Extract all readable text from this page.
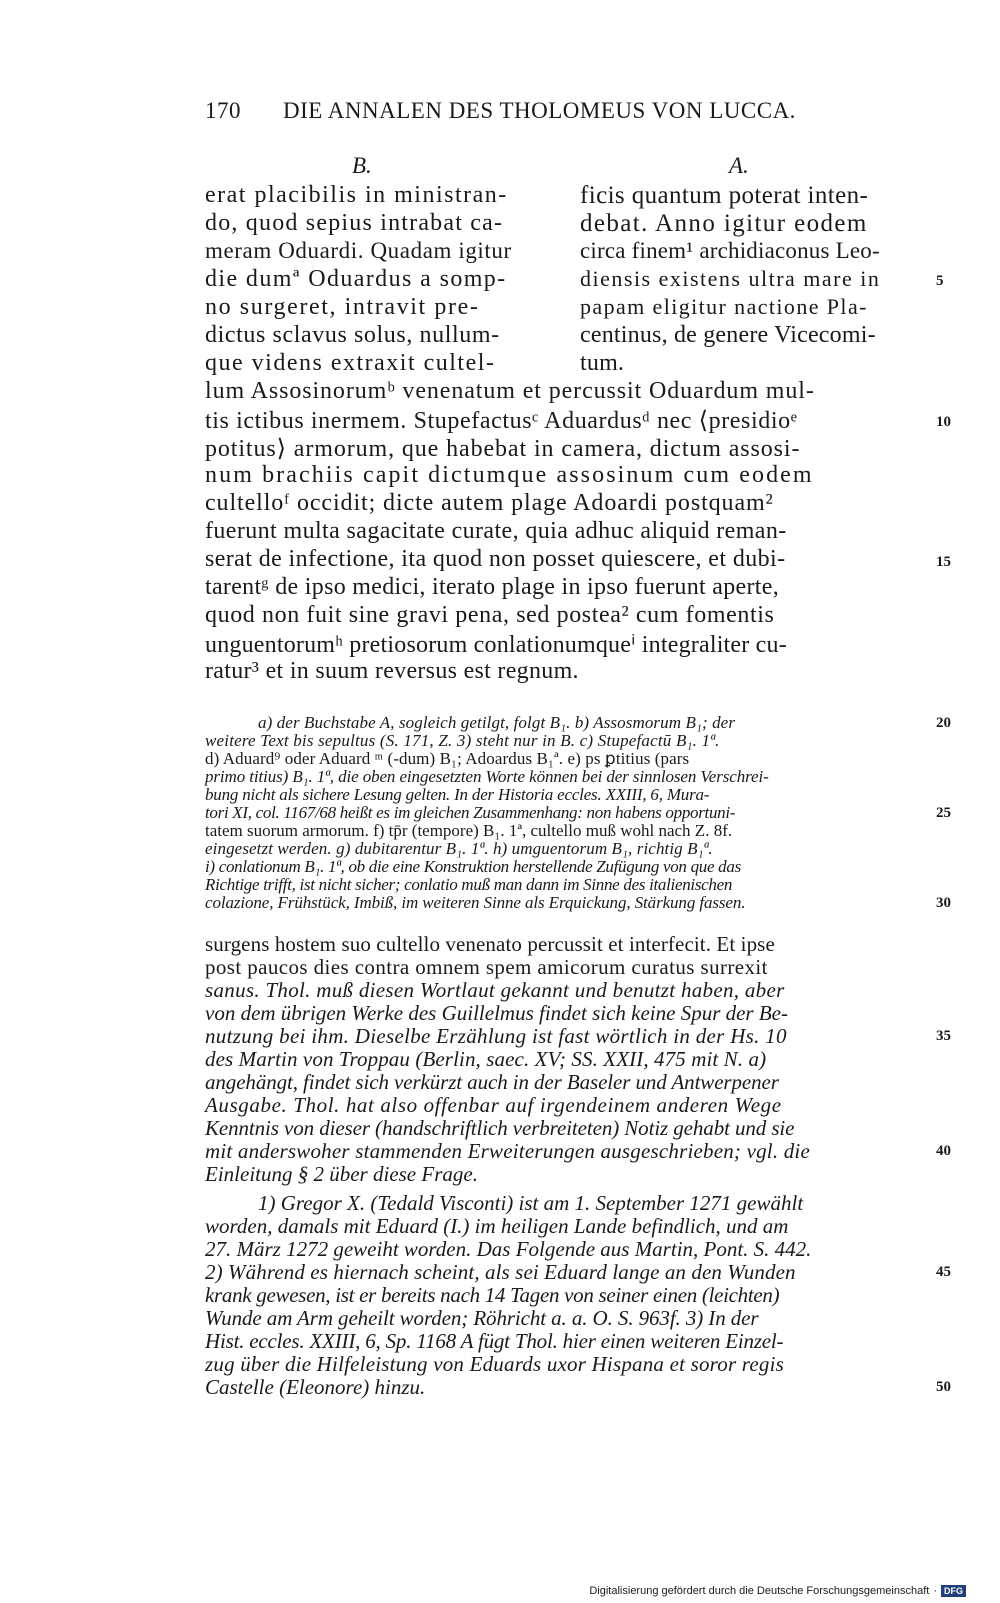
170 DIE ANNALEN DES THOLOMEUS VON LUCCA.
B.	A.
erat placibilis in ministran-
do, quod sepius intrabat ca-
meram Oduardi. Quadam igitur
die dumª Oduardus a somp-
no surgeret, intravit pre-
dictus sclavus solus, nullum-
que videns extraxit cultel-
ficis quantum poterat inten-
debat. Anno igitur eodem
circa finem¹ archidiaconus Leo-
diensis existens ultra mare in
papam eligitur nactione Pla-
centinus, de genere Vicecomi-
tum.
lum Assosinorumᵇ venenatum et percussit Oduardum mul-
tis ictibus inermem. Stupefactusᶜ Aduardusᵈ nec ⟨presidioᵉ
potitus⟩ armorum, que habebat in camera, dictum assosi-
num brachiis capit dictumque assosinum cum eodem
cultelloᶠ occidit; dicte autem plage Adoardi postquam²
fuerunt multa sagacitate curate, quia adhuc aliquid reman-
serat de infectione, ita quod non posset quiescere, et dubi-
tarentᵍ de ipso medici, iterato plage in ipso fuerunt aperte,
quod non fuit sine gravi pena, sed postea² cum fomentis
unguentorumʰ pretiosorum conlationumqueⁱ integraliter cu-
ratur³ et in suum reversus est regnum.
a) der Buchstabe A, sogleich getilgt, folgt B₁. b) Assosmorum B₁; der
weitere Text bis sepultus (S. 171, Z. 3) steht nur in B. c) Stupefactū B₁. 1ª.
d) Aduard⁹ oder Aduard ᵐ (-dum) B₁; Adoardus B₁ª. e) ps ꝑtitius (pars
primo titius) B₁. 1ª, die oben eingesetzten Worte können bei der sinnlosen Verschrei-
bung nicht als sichere Lesung gelten. In der Historia eccles. XXIII, 6, Mura-
tori XI, col. 1167/68 heißt es im gleichen Zusammenhang: non habens opportuni-
tatem suorum armorum. f) tp̄r (tempore) B₁. 1ª, cultello muß wohl nach Z. 8f.
eingesetzt werden. g) dubitarentur B₁. 1ª. h) umguentorum B₁, richtig B₁ª.
i) conlationum B₁. 1ª, ob die eine Konstruktion herstellende Zufügung von que das
Richtige trifft, ist nicht sicher; conlatio muß man dann im Sinne des italienischen
colazione, Frühstück, Imbiß, im weiteren Sinne als Erquickung, Stärkung fassen.
surgens hostem suo cultello venenato percussit et interfecit. Et ipse
post paucos dies contra omnem spem amicorum curatus surrexit
sanus. Thol. muß diesen Wortlaut gekannt und benutzt haben, aber
von dem übrigen Werke des Guillelmus findet sich keine Spur der Be-
nutzung bei ihm. Dieselbe Erzählung ist fast wörtlich in der Hs. 10
des Martin von Troppau (Berlin, saec. XV; SS. XXII, 475 mit N. a)
angehängt, findet sich verkürzt auch in der Baseler und Antwerpener
Ausgabe. Thol. hat also offenbar auf irgendeinem anderen Wege
Kenntnis von dieser (handschriftlich verbreiteten) Notiz gehabt und sie
mit anderswoher stammenden Erweiterungen ausgeschrieben; vgl. die
Einleitung § 2 über diese Frage.
1) Gregor X. (Tedald Visconti) ist am 1. September 1271 gewählt
worden, damals mit Eduard (I.) im heiligen Lande befindlich, und am
27. März 1272 geweiht worden. Das Folgende aus Martin, Pont. S. 442.
2) Während es hiernach scheint, als sei Eduard lange an den Wunden
krank gewesen, ist er bereits nach 14 Tagen von seiner einen (leichten)
Wunde am Arm geheilt worden; Röhricht a. a. O. S. 963f. 3) In der
Hist. eccles. XXIII, 6, Sp. 1168 A fügt Thol. hier einen weiteren Einzel-
zug über die Hilfeleistung von Eduards uxor Hispana et soror regis
Castelle (Eleonore) hinzu.
5
10
15
20
25
30
35
40
45
50
Digitalisierung gefördert durch die Deutsche Forschungsgemeinschaft · DFG
